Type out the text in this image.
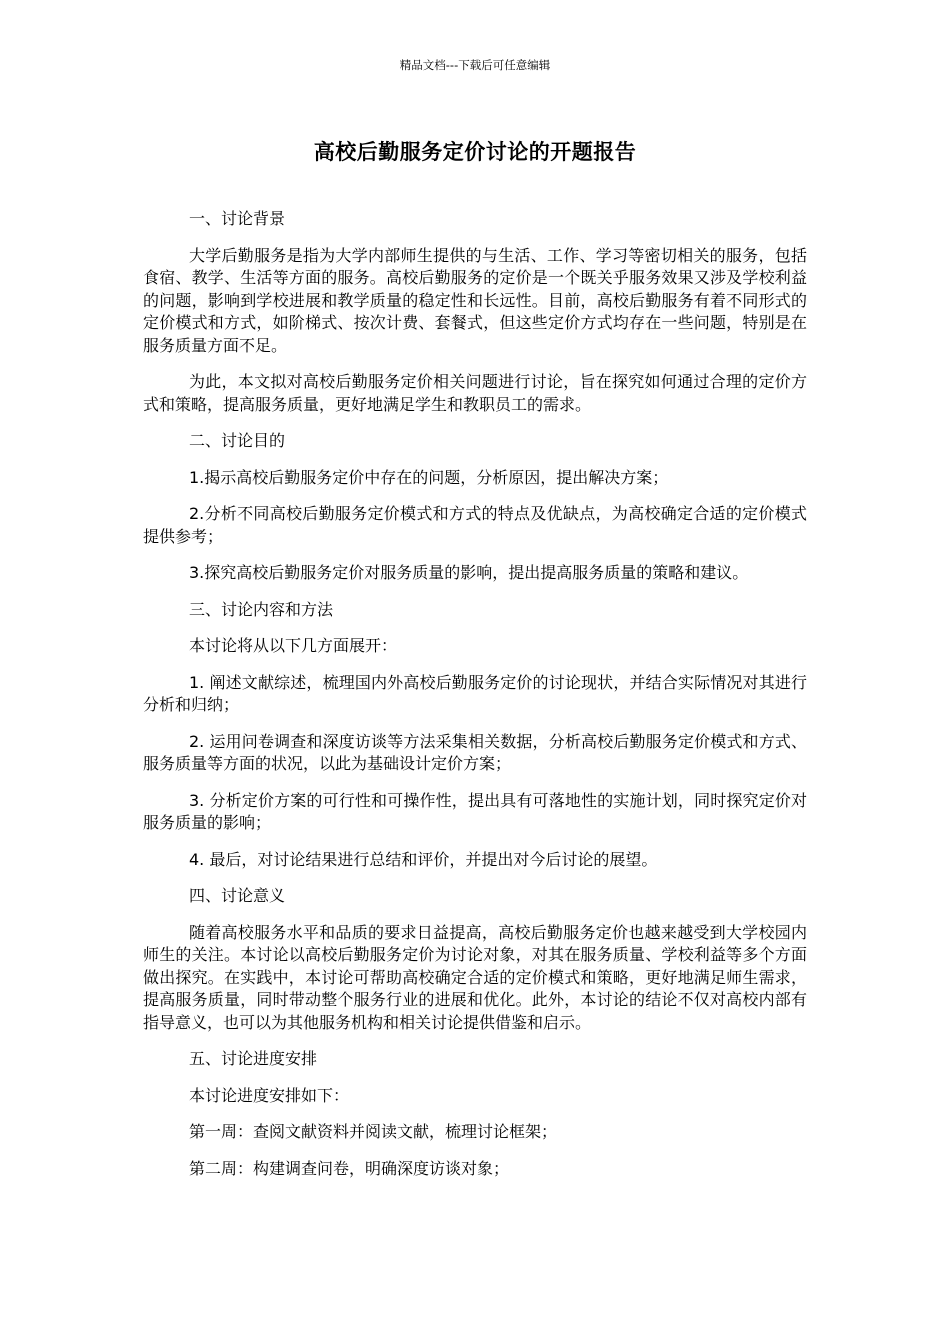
精品文档---下载后可任意编辑
高校后勤服务定价讨论的开题报告

一、讨论背景

大学后勤服务是指为大学内部师生提供的与生活、工作、学习等密切相关的服务，包括食宿、教学、生活等方面的服务。高校后勤服务的定价是一个既关乎服务效果又涉及学校利益的问题，影响到学校进展和教学质量的稳定性和长远性。目前，高校后勤服务有着不同形式的定价模式和方式，如阶梯式、按次计费、套餐式，但这些定价方式均存在一些问题，特别是在服务质量方面不足。

为此，本文拟对高校后勤服务定价相关问题进行讨论，旨在探究如何通过合理的定价方式和策略，提高服务质量，更好地满足学生和教职员工的需求。

二、讨论目的

1.揭示高校后勤服务定价中存在的问题，分析原因，提出解决方案；

2.分析不同高校后勤服务定价模式和方式的特点及优缺点，为高校确定合适的定价模式提供参考；

3.探究高校后勤服务定价对服务质量的影响，提出提高服务质量的策略和建议。

三、讨论内容和方法

本讨论将从以下几方面展开：

1. 阐述文献综述，梳理国内外高校后勤服务定价的讨论现状，并结合实际情况对其进行分析和归纳；

2. 运用问卷调查和深度访谈等方法采集相关数据，分析高校后勤服务定价模式和方式、服务质量等方面的状况，以此为基础设计定价方案；

3. 分析定价方案的可行性和可操作性，提出具有可落地性的实施计划，同时探究定价对服务质量的影响；

4. 最后，对讨论结果进行总结和评价，并提出对今后讨论的展望。

四、讨论意义

随着高校服务水平和品质的要求日益提高，高校后勤服务定价也越来越受到大学校园内师生的关注。本讨论以高校后勤服务定价为讨论对象，对其在服务质量、学校利益等多个方面做出探究。在实践中，本讨论可帮助高校确定合适的定价模式和策略，更好地满足师生需求，提高服务质量，同时带动整个服务行业的进展和优化。此外，本讨论的结论不仅对高校内部有指导意义，也可以为其他服务机构和相关讨论提供借鉴和启示。

五、讨论进度安排

本讨论进度安排如下：

第一周：查阅文献资料并阅读文献，梳理讨论框架；

第二周：构建调查问卷，明确深度访谈对象；
